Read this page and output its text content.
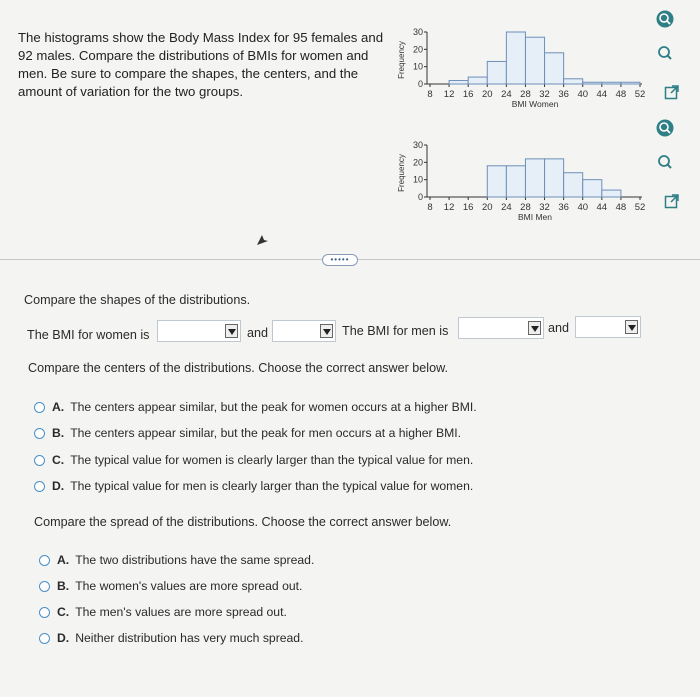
The histograms show the Body Mass Index for 95 females and 92 males. Compare the distributions of BMIs for women and men. Be sure to compare the shapes, the centers, and the amount of variation for the two groups.
Frequency
0
10
20
30
8 12 16 20 24 28 32 36 40 44 48 52
BMI Women
Frequency
0
10
20
30
8 12 16 20 24 28 32 36 40 44 48 52
BMI Men
•••••
Compare the shapes of the distributions.
The BMI for women is	and	The BMI for men is	and
Compare the centers of the distributions. Choose the correct answer below.
A. The centers appear similar, but the peak for women occurs at a higher BMI.
B. The centers appear similar, but the peak for men occurs at a higher BMI.
C. The typical value for women is clearly larger than the typical value for men.
D. The typical value for men is clearly larger than the typical value for women.
Compare the spread of the distributions. Choose the correct answer below.
A. The two distributions have the same spread.
B. The women's values are more spread out.
C. The men's values are more spread out.
D. Neither distribution has very much spread.
